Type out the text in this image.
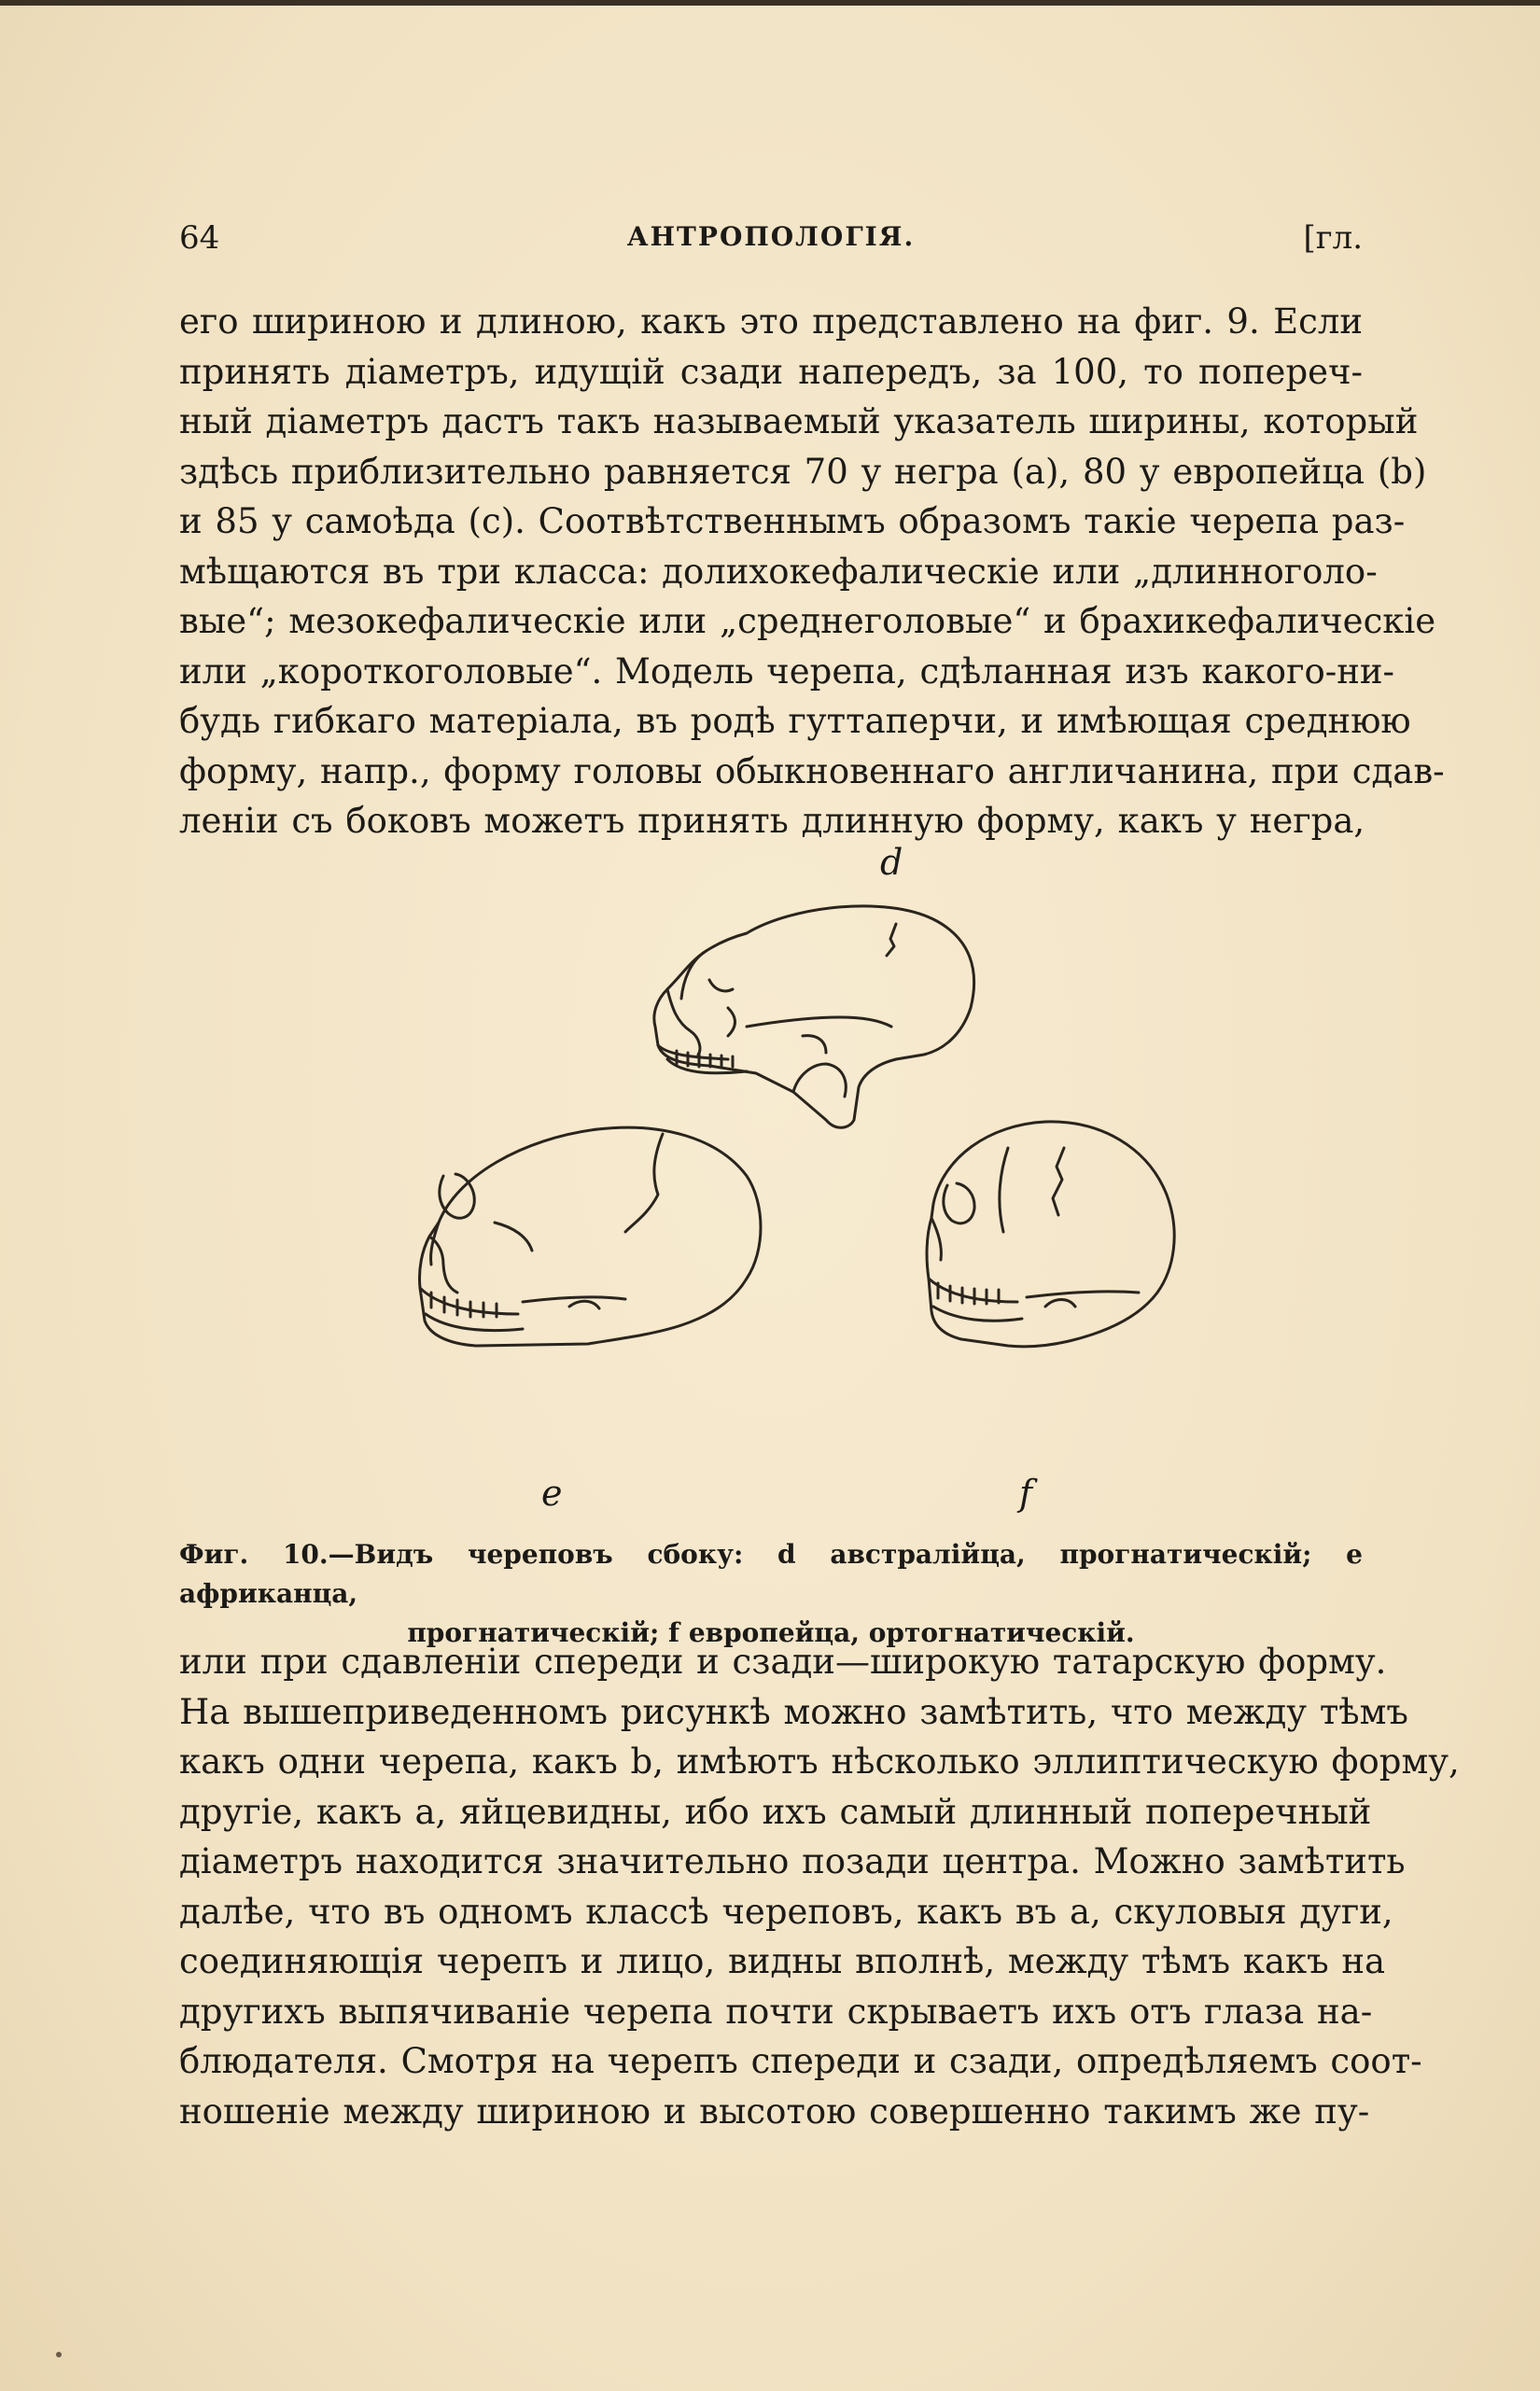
64	АНТРОПОЛОГІЯ.	[гл.
его шириною и длиною, какъ это представлено на фиг. 9. Если
принять діаметръ, идущій сзади напередъ, за 100, то попереч-
ный діаметръ дастъ такъ называемый указатель ширины, который
здѣсь приблизительно равняется 70 у негра (a), 80 у европейца (b)
и 85 у самоѣда (c). Соотвѣтственнымъ образомъ такіе черепа раз-
мѣщаются въ три класса: долихокефалическіе или „длинноголо-
вые“; мезокефалическіе или „среднеголовые“ и брахикефалическіе
или „короткоголовые“. Модель черепа, сдѣланная изъ какого-ни-
будь гибкаго матеріала, въ родѣ гуттаперчи, и имѣющая среднюю
форму, напр., форму головы обыкновеннаго англичанина, при сдав-
леніи съ боковъ можетъ принять длинную форму, какъ у негра,
d
e	f
Фиг. 10.—Видъ череповъ сбоку: d австралійца, прогнатическій; e африканца,
прогнатическій; f европейца, ортогнатическій.
или при сдавленіи спереди и сзади—широкую татарскую форму.
На вышеприведенномъ рисункѣ можно замѣтить, что между тѣмъ
какъ одни черепа, какъ b, имѣютъ нѣсколько эллиптическую форму,
другіе, какъ a, яйцевидны, ибо ихъ самый длинный поперечный
діаметръ находится значительно позади центра. Можно замѣтить
далѣе, что въ одномъ классѣ череповъ, какъ въ a, скуловыя дуги,
соединяющія черепъ и лицо, видны вполнѣ, между тѣмъ какъ на
другихъ выпячиваніе черепа почти скрываетъ ихъ отъ глаза на-
блюдателя. Смотря на черепъ спереди и сзади, опредѣляемъ соот-
ношеніе между шириною и высотою совершенно такимъ же пу-
